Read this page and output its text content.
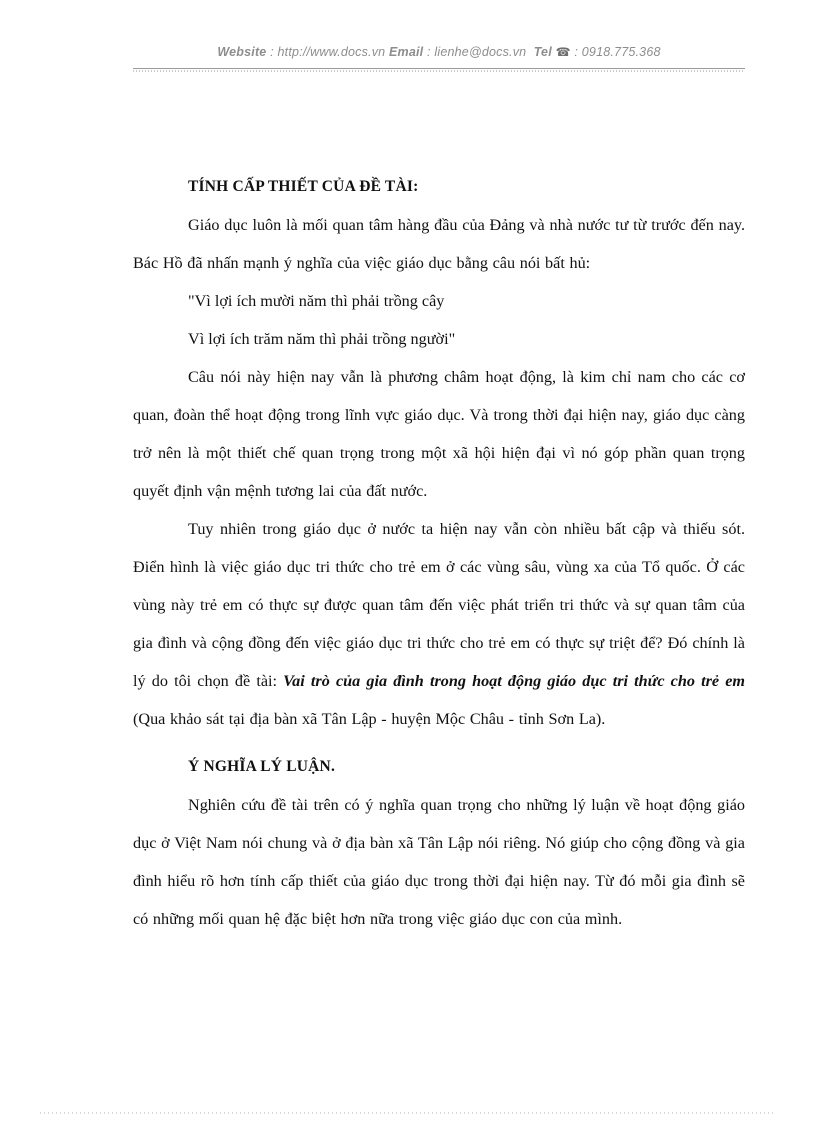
Website : http://www.docs.vn Email : lienhe@docs.vn Tel ☎ : 0918.775.368
TÍNH CẤP THIẾT CỦA ĐỀ TÀI:

Giáo dục luôn là mối quan tâm hàng đầu của Đảng và nhà nước tư từ trước đến nay. Bác Hồ đã nhấn mạnh ý nghĩa của việc giáo dục bằng câu nói bất hủ:

"Vì lợi ích mười năm thì phải trồng cây

Vì lợi ích trăm năm thì phải trồng người"

Câu nói này hiện nay vẫn là phương châm hoạt động, là kim chỉ nam cho các cơ quan, đoàn thể hoạt động trong lĩnh vực giáo dục. Và trong thời đại hiện nay, giáo dục càng trở nên là một thiết chế quan trọng trong một xã hội hiện đại vì nó góp phần quan trọng quyết định vận mệnh tương lai của đất nước.

Tuy nhiên trong giáo dục ở nước ta hiện nay vẫn còn nhiều bất cập và thiếu sót. Điển hình là việc giáo dục tri thức cho trẻ em ở các vùng sâu, vùng xa của Tổ quốc. Ở các vùng này trẻ em có thực sự được quan tâm đến việc phát triển tri thức và sự quan tâm của gia đình và cộng đồng đến việc giáo dục tri thức cho trẻ em có thực sự triệt để? Đó chính là lý do tôi chọn đề tài: Vai trò của gia đình trong hoạt động giáo dục tri thức cho trẻ em (Qua khảo sát tại địa bàn xã Tân Lập - huyện Mộc Châu - tỉnh Sơn La).

Ý NGHĨA LÝ LUẬN.

Nghiên cứu đề tài trên có ý nghĩa quan trọng cho những lý luận về hoạt động giáo dục ở Việt Nam nói chung và ở địa bàn xã Tân Lập nói riêng. Nó giúp cho cộng đồng và gia đình hiểu rõ hơn tính cấp thiết của giáo dục trong thời đại hiện nay. Từ đó mỗi gia đình sẽ có những mối quan hệ đặc biệt hơn nữa trong việc giáo dục con của mình.
